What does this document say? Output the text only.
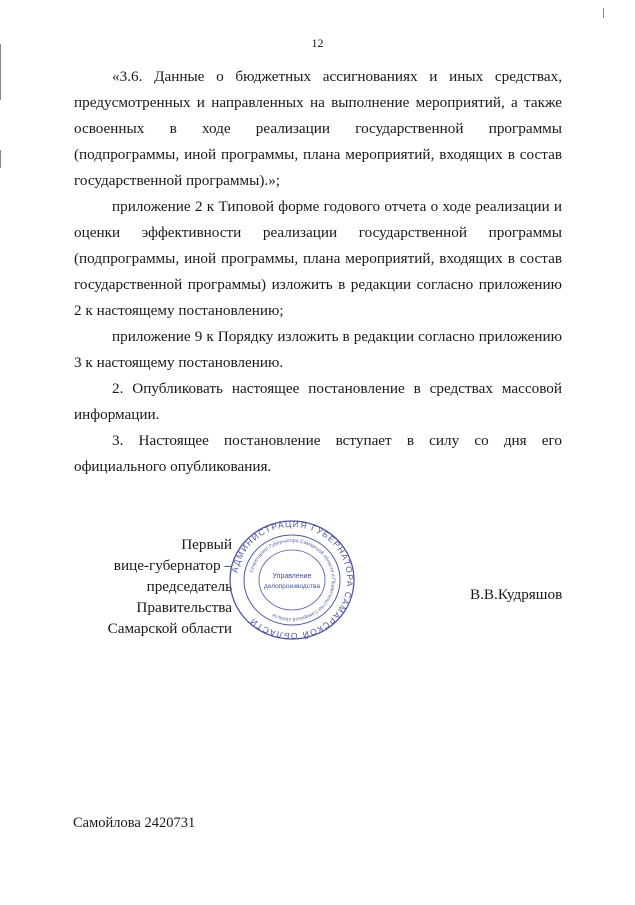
12

«3.6. Данные о бюджетных ассигнованиях и иных средствах, предусмотренных и направленных на выполнение мероприятий, а также освоенных в ходе реализации государственной программы (подпрограммы, иной программы, плана мероприятий, входящих в состав государственной программы).»;

приложение 2 к Типовой форме годового отчета о ходе реализации и оценки эффективности реализации государственной программы (подпрограммы, иной программы, плана мероприятий, входящих в состав государственной программы) изложить в редакции согласно приложению 2 к настоящему постановлению;

приложение 9 к Порядку изложить в редакции согласно приложению 3 к настоящему постановлению.

2. Опубликовать настоящее постановление в средствах массовой информации.

3. Настоящее постановление вступает в силу со дня его официального опубликования.

Первый
вице-губернатор –
председатель Правительства
Самарской области
АДМИНИСТРАЦИЯ ГУБЕРНАТОРА САМАРСКОЙ ОБЛАСТИ
Секретариат Губернатора Самарской области и Правительства Самарской области
Управление
делопроизводства	В.В.Кудряшов
Самойлова 2420731
